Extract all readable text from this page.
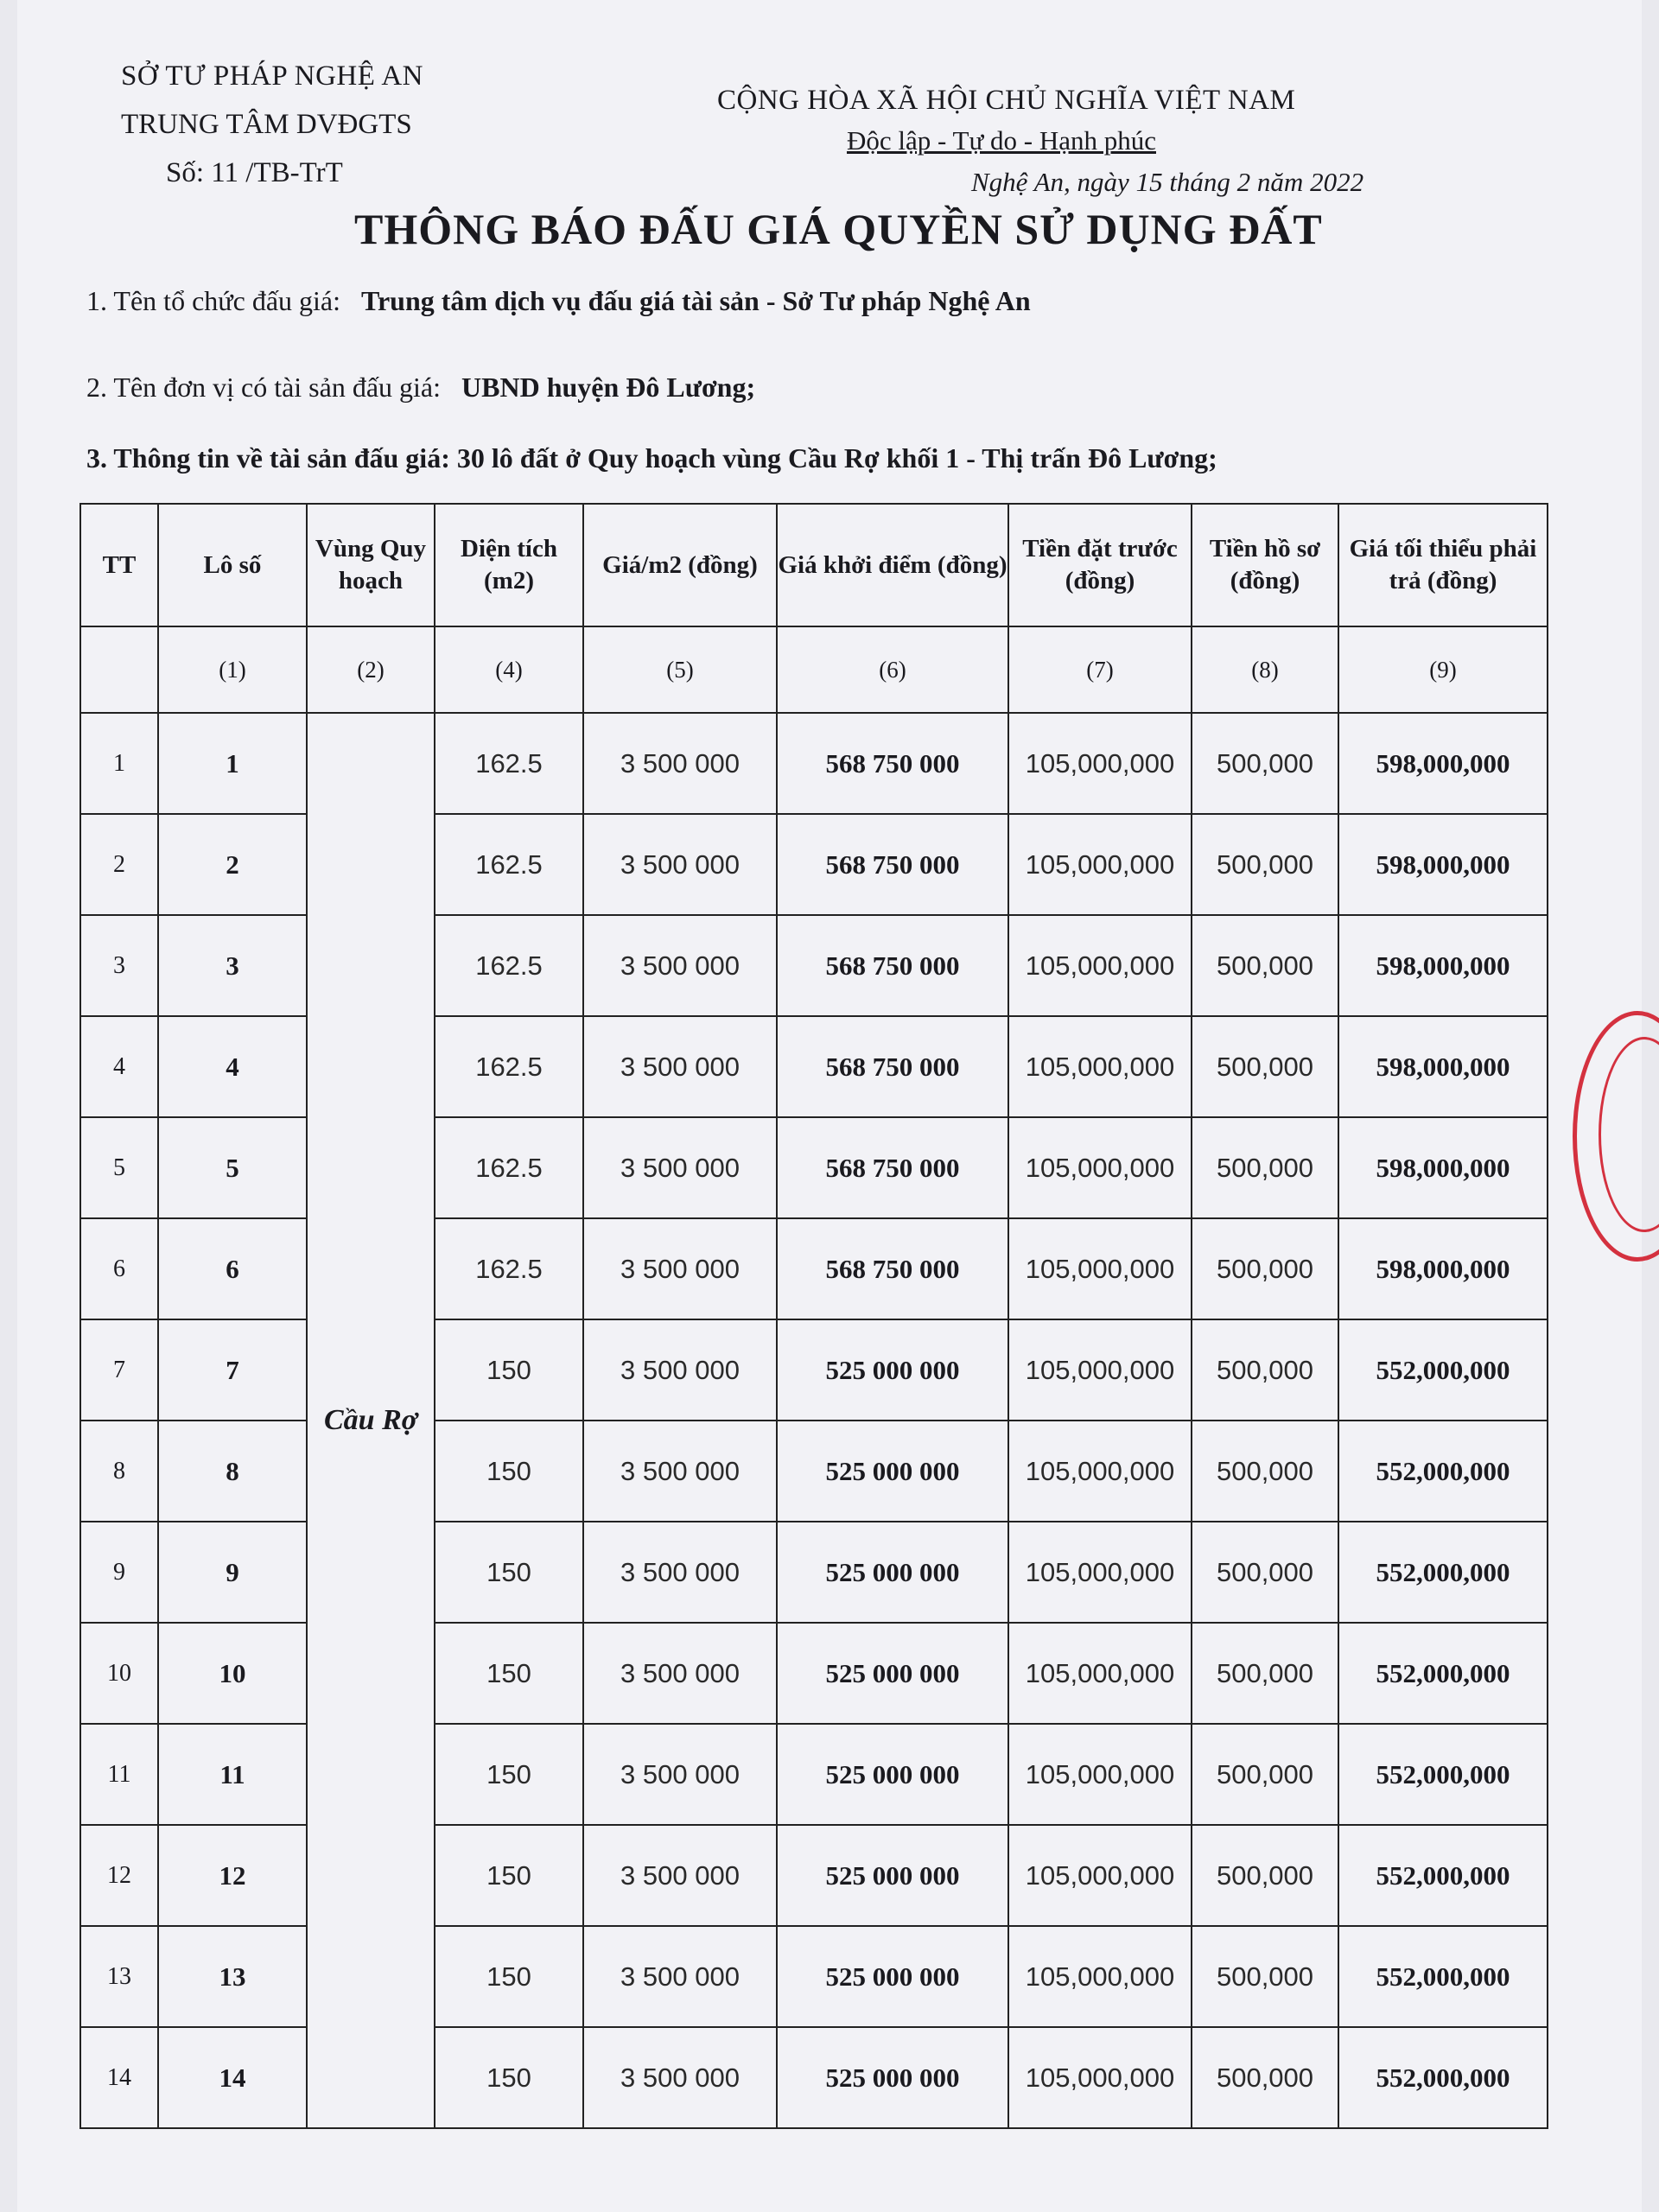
SỞ TƯ PHÁP NGHỆ AN
TRUNG TÂM DVĐGTS
Số: 11 /TB-TrT
CỘNG HÒA XÃ HỘI CHỦ NGHĨA VIỆT NAM
Độc lập - Tự do - Hạnh phúc
Nghệ An, ngày 15 tháng 2 năm 2022
THÔNG BÁO ĐẤU GIÁ QUYỀN SỬ DỤNG ĐẤT
1. Tên tổ chức đấu giá: Trung tâm dịch vụ đấu giá tài sản - Sở Tư pháp Nghệ An
2. Tên đơn vị có tài sản đấu giá: UBND huyện Đô Lương;
3. Thông tin về tài sản đấu giá: 30 lô đất ở Quy hoạch vùng Cầu Rợ khối 1 - Thị trấn Đô Lương;
TT	Lô số	Vùng Quy hoạch	Diện tích (m2)	Giá/m2 (đồng)	Giá khởi điểm (đồng)	Tiền đặt trước (đồng)	Tiền hồ sơ (đồng)	Giá tối thiểu phải trả (đồng)
	(1)	(2)	(4)	(5)	(6)	(7)	(8)	(9)
1	1	Cầu Rợ	162.5	3 500 000	568 750 000	105,000,000	500,000	598,000,000
2	2		162.5	3 500 000	568 750 000	105,000,000	500,000	598,000,000
3	3		162.5	3 500 000	568 750 000	105,000,000	500,000	598,000,000
4	4		162.5	3 500 000	568 750 000	105,000,000	500,000	598,000,000
5	5		162.5	3 500 000	568 750 000	105,000,000	500,000	598,000,000
6	6		162.5	3 500 000	568 750 000	105,000,000	500,000	598,000,000
7	7		150	3 500 000	525 000 000	105,000,000	500,000	552,000,000
8	8		150	3 500 000	525 000 000	105,000,000	500,000	552,000,000
9	9		150	3 500 000	525 000 000	105,000,000	500,000	552,000,000
10	10		150	3 500 000	525 000 000	105,000,000	500,000	552,000,000
11	11		150	3 500 000	525 000 000	105,000,000	500,000	552,000,000
12	12		150	3 500 000	525 000 000	105,000,000	500,000	552,000,000
13	13		150	3 500 000	525 000 000	105,000,000	500,000	552,000,000
14	14		150	3 500 000	525 000 000	105,000,000	500,000	552,000,000
